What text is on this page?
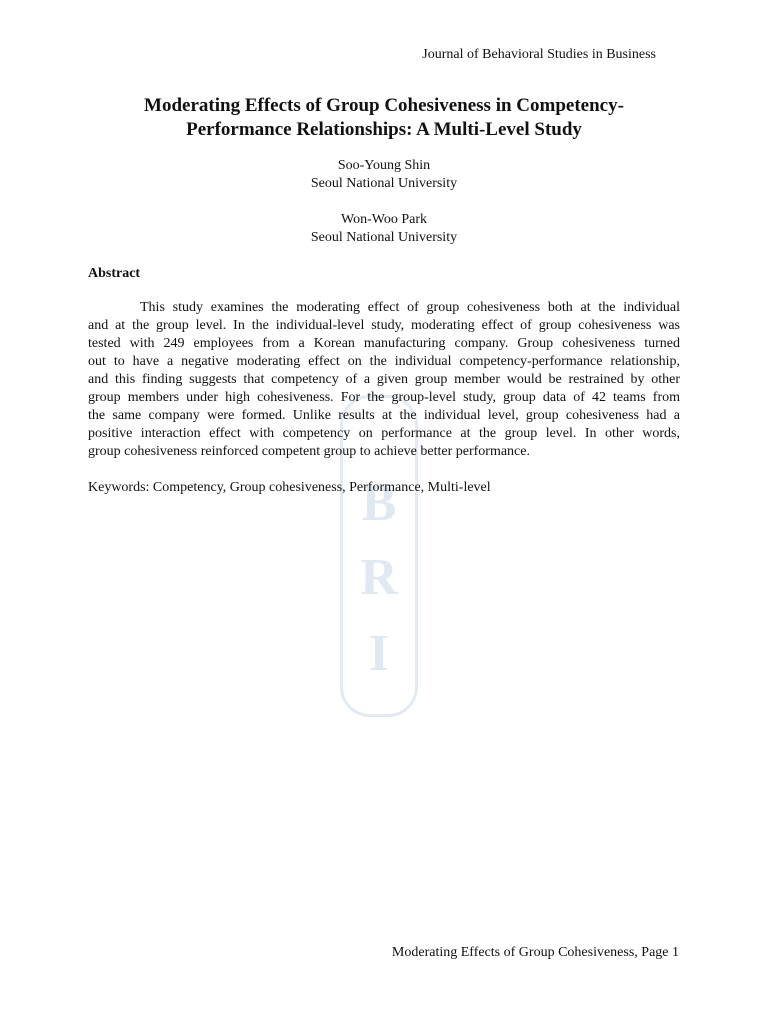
B
R
I
Journal of Behavioral Studies in Business
Moderating Effects of Group Cohesiveness in Competency-
Performance Relationships: A Multi-Level Study
Soo-Young Shin
Seoul National University
Won-Woo Park
Seoul National University
Abstract
This study examines the moderating effect of group cohesiveness both at the individual
and at the group level. In the individual-level study, moderating effect of group cohesiveness was
tested with 249 employees from a Korean manufacturing company. Group cohesiveness turned
out to have a negative moderating effect on the individual competency-performance relationship,
and this finding suggests that competency of a given group member would be restrained by other
group members under high cohesiveness. For the group-level study, group data of 42 teams from
the same company were formed. Unlike results at the individual level, group cohesiveness had a
positive interaction effect with competency on performance at the group level. In other words,
group cohesiveness reinforced competent group to achieve better performance.
Keywords: Competency, Group cohesiveness, Performance, Multi-level
Moderating Effects of Group Cohesiveness, Page 1
